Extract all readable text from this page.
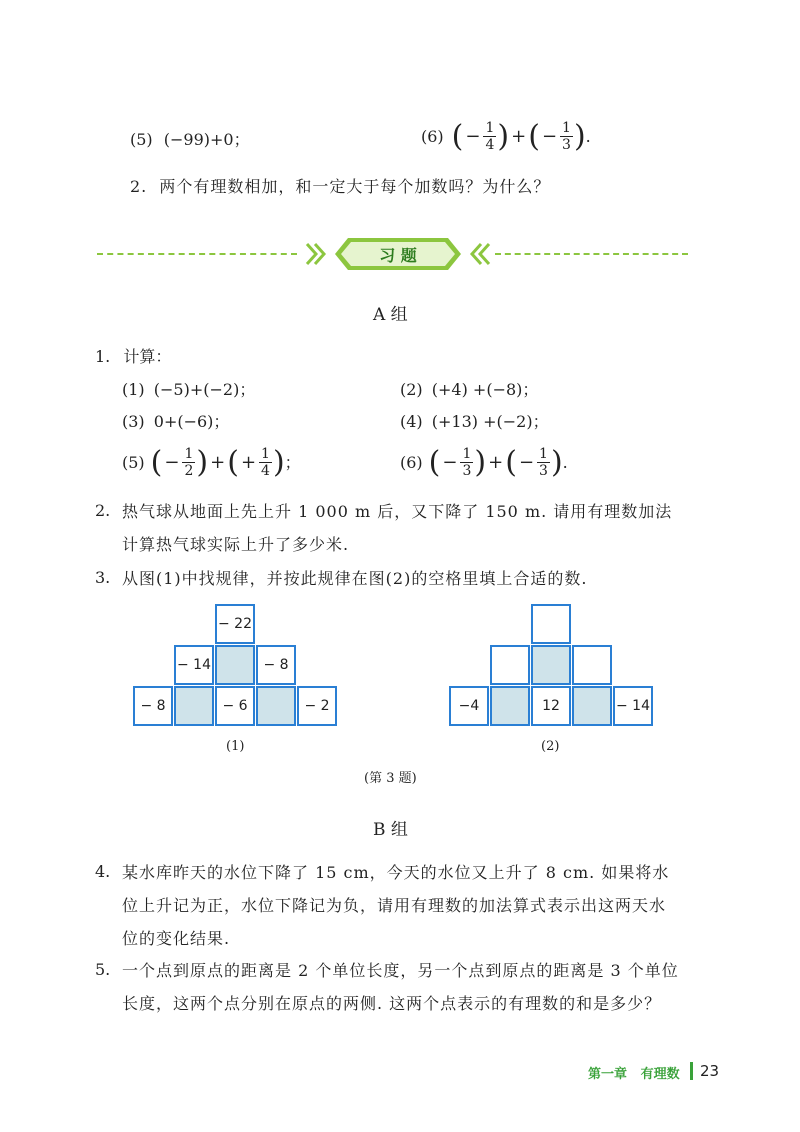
(5) (−99)+0；	(6) ( − $\frac{1}{4}$ ) + ( − $\frac{1}{3}$ ) .
2. 两个有理数相加，和一定大于每个加数吗？为什么？
习 题
A 组
1. 计算：
(1) (−5)+(−2)；	(2) (+4) +(−8)；
(3) 0+(−6)；	(4) (+13) +(−2)；
(5) ( − $\frac{1}{2}$ ) + ( + $\frac{1}{4}$ ) ；	(6) ( − $\frac{1}{3}$ ) + ( − $\frac{1}{3}$ ) .
2. 热气球从地面上先上升 1 000 m 后，又下降了 150 m. 请用有理数加法计算热气球实际上升了多少米.
3. 从图(1)中找规律，并按此规律在图(2)的空格里填上合适的数.
− 22
− 14	− 8
− 8	− 6	− 2
(1)
−4	12	− 14
(2)
(第 3 题)
B 组
4. 某水库昨天的水位下降了 15 cm，今天的水位又上升了 8 cm. 如果将水位上升记为正，水位下降记为负，请用有理数的加法算式表示出这两天水位的变化结果.
5. 一个点到原点的距离是 2 个单位长度，另一个点到原点的距离是 3 个单位长度，这两个点分别在原点的两侧. 这两个点表示的有理数的和是多少？
第一章   有理数 23
